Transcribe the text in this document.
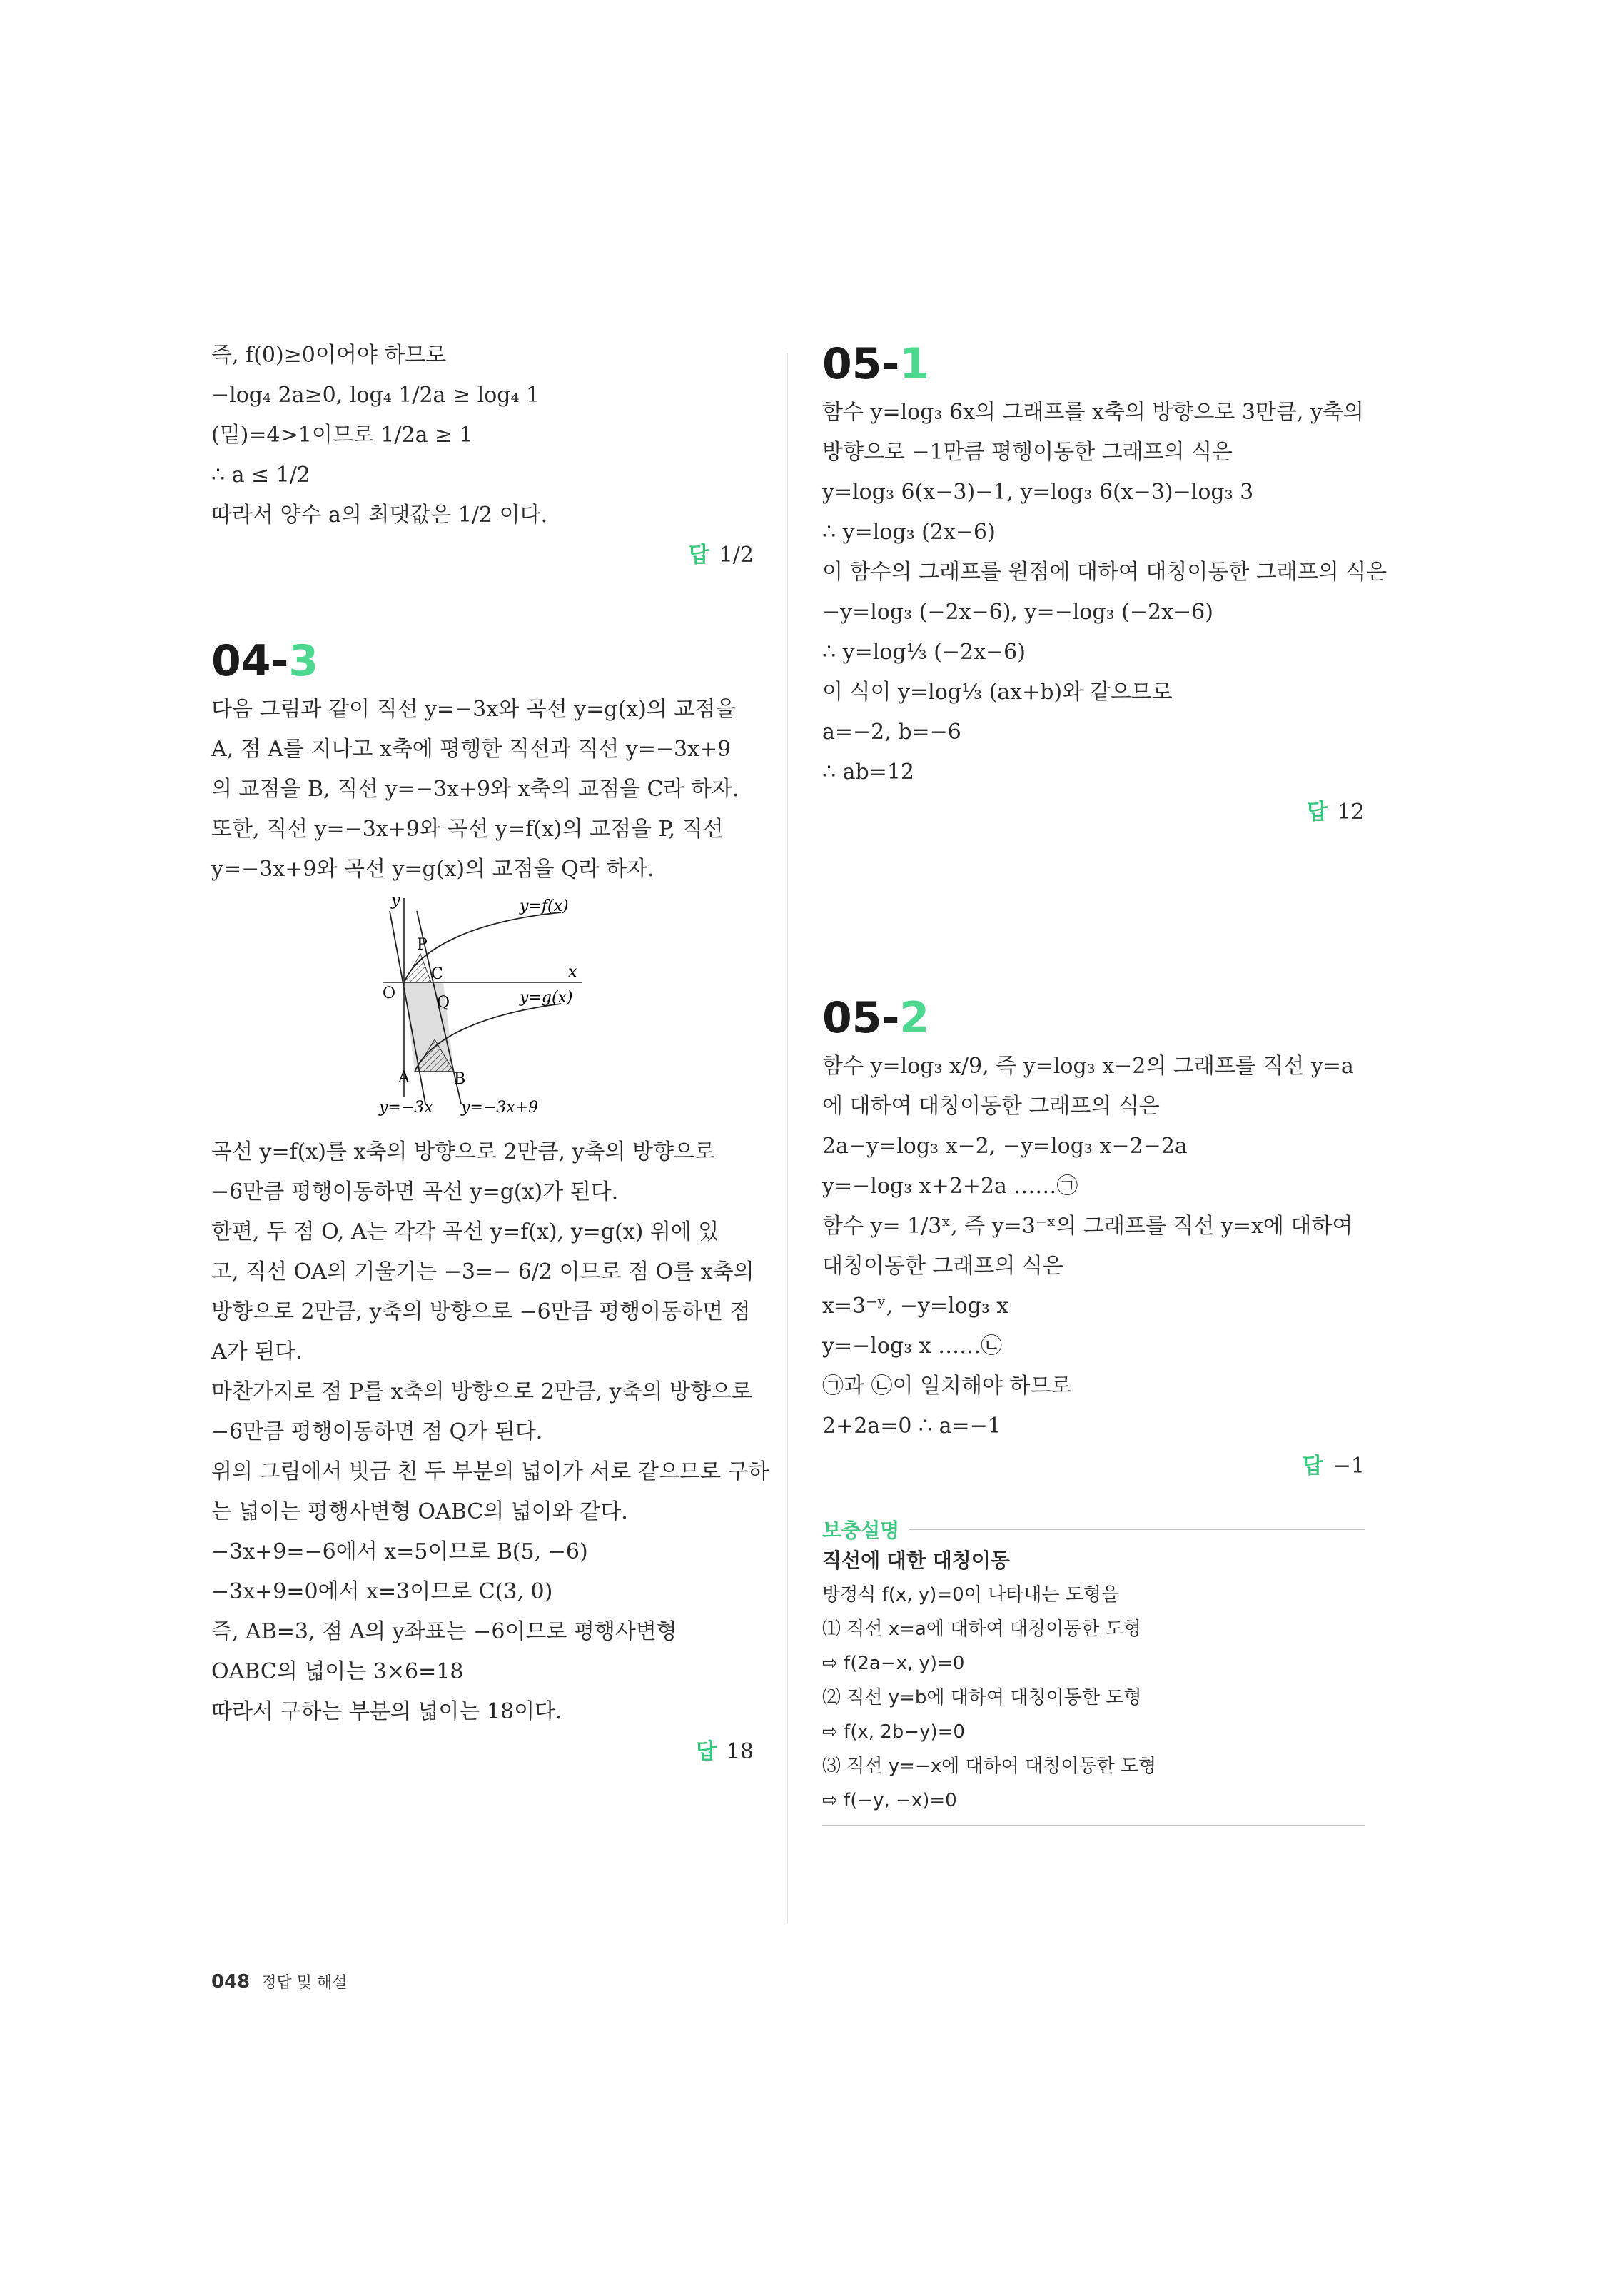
즉, f(0)≥0이어야 하므로
−log₄ 2a≥0, log₄ 1/2a ≥ log₄ 1
(밑)=4>1이므로 1/2a ≥ 1
∴ a ≤ 1/2
따라서 양수 a의 최댓값은 1/2 이다.
답 1/2
04-3
다음 그림과 같이 직선 y=−3x와 곡선 y=g(x)의 교점을
A, 점 A를 지나고 x축에 평행한 직선과 직선 y=−3x+9
의 교점을 B, 직선 y=−3x+9와 x축의 교점을 C라 하자.
또한, 직선 y=−3x+9와 곡선 y=f(x)의 교점을 P, 직선
y=−3x+9와 곡선 y=g(x)의 교점을 Q라 하자.
y
x
O
P
C
Q
A	B
y=f(x)
y=g(x)
y=−3x y=−3x+9
곡선 y=f(x)를 x축의 방향으로 2만큼, y축의 방향으로
−6만큼 평행이동하면 곡선 y=g(x)가 된다.
한편, 두 점 O, A는 각각 곡선 y=f(x), y=g(x) 위에 있
고, 직선 OA의 기울기는 −3=− 6/2 이므로 점 O를 x축의
방향으로 2만큼, y축의 방향으로 −6만큼 평행이동하면 점
A가 된다.
마찬가지로 점 P를 x축의 방향으로 2만큼, y축의 방향으로
−6만큼 평행이동하면 점 Q가 된다.
위의 그림에서 빗금 친 두 부분의 넓이가 서로 같으므로 구하
는 넓이는 평행사변형 OABC의 넓이와 같다.
−3x+9=−6에서 x=5이므로 B(5, −6)
−3x+9=0에서 x=3이므로 C(3, 0)
즉, AB=3, 점 A의 y좌표는 −6이므로 평행사변형
OABC의 넓이는 3×6=18
따라서 구하는 부분의 넓이는 18이다.
답 18
05-1
함수 y=log₃ 6x의 그래프를 x축의 방향으로 3만큼, y축의
방향으로 −1만큼 평행이동한 그래프의 식은
y=log₃ 6(x−3)−1, y=log₃ 6(x−3)−log₃ 3
∴ y=log₃ (2x−6)
이 함수의 그래프를 원점에 대하여 대칭이동한 그래프의 식은
−y=log₃ (−2x−6), y=−log₃ (−2x−6)
∴ y=log⅓ (−2x−6)
이 식이 y=log⅓ (ax+b)와 같으므로
a=−2, b=−6
∴ ab=12
답 12
05-2
함수 y=log₃ x/9, 즉 y=log₃ x−2의 그래프를 직선 y=a
에 대하여 대칭이동한 그래프의 식은
2a−y=log₃ x−2, −y=log₃ x−2−2a
y=−log₃ x+2+2a ……㉠
함수 y= 1/3ˣ, 즉 y=3⁻ˣ의 그래프를 직선 y=x에 대하여
대칭이동한 그래프의 식은
x=3⁻ʸ, −y=log₃ x
y=−log₃ x ……㉡
㉠과 ㉡이 일치해야 하므로
2+2a=0 ∴ a=−1
답 −1
보충설명
직선에 대한 대칭이동
방정식 f(x, y)=0이 나타내는 도형을
⑴ 직선 x=a에 대하여 대칭이동한 도형
⇨ f(2a−x, y)=0
⑵ 직선 y=b에 대하여 대칭이동한 도형
⇨ f(x, 2b−y)=0
⑶ 직선 y=−x에 대하여 대칭이동한 도형
⇨ f(−y, −x)=0
048 정답 및 해설
